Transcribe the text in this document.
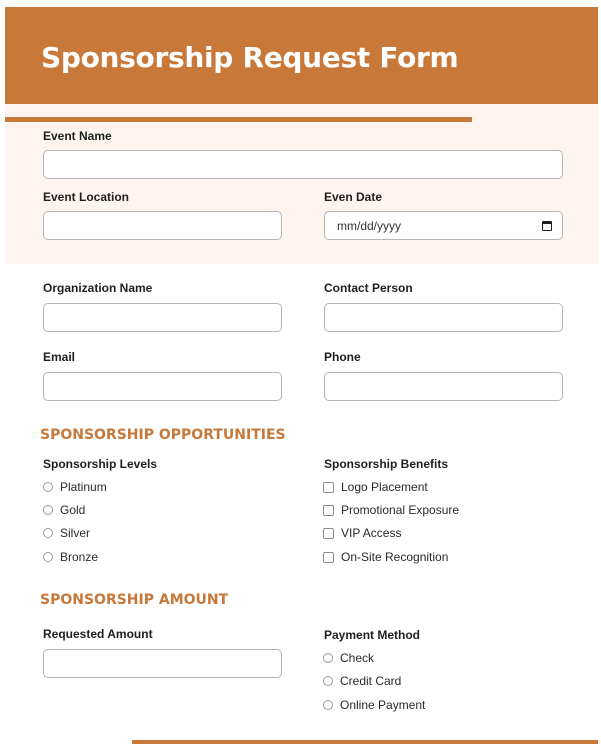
Sponsorship Request Form
Event Name
Event Location	Even Date
mm/dd/yyyy
Organization Name	Contact Person
Email	Phone
SPONSORSHIP OPPORTUNITIES
Sponsorship Levels
Platinum
Gold
Silver
Bronze
Sponsorship Benefits
Logo Placement
Promotional Exposure
VIP Access
On-Site Recognition
SPONSORSHIP AMOUNT
Requested Amount	Payment Method
Check
Credit Card
Online Payment
